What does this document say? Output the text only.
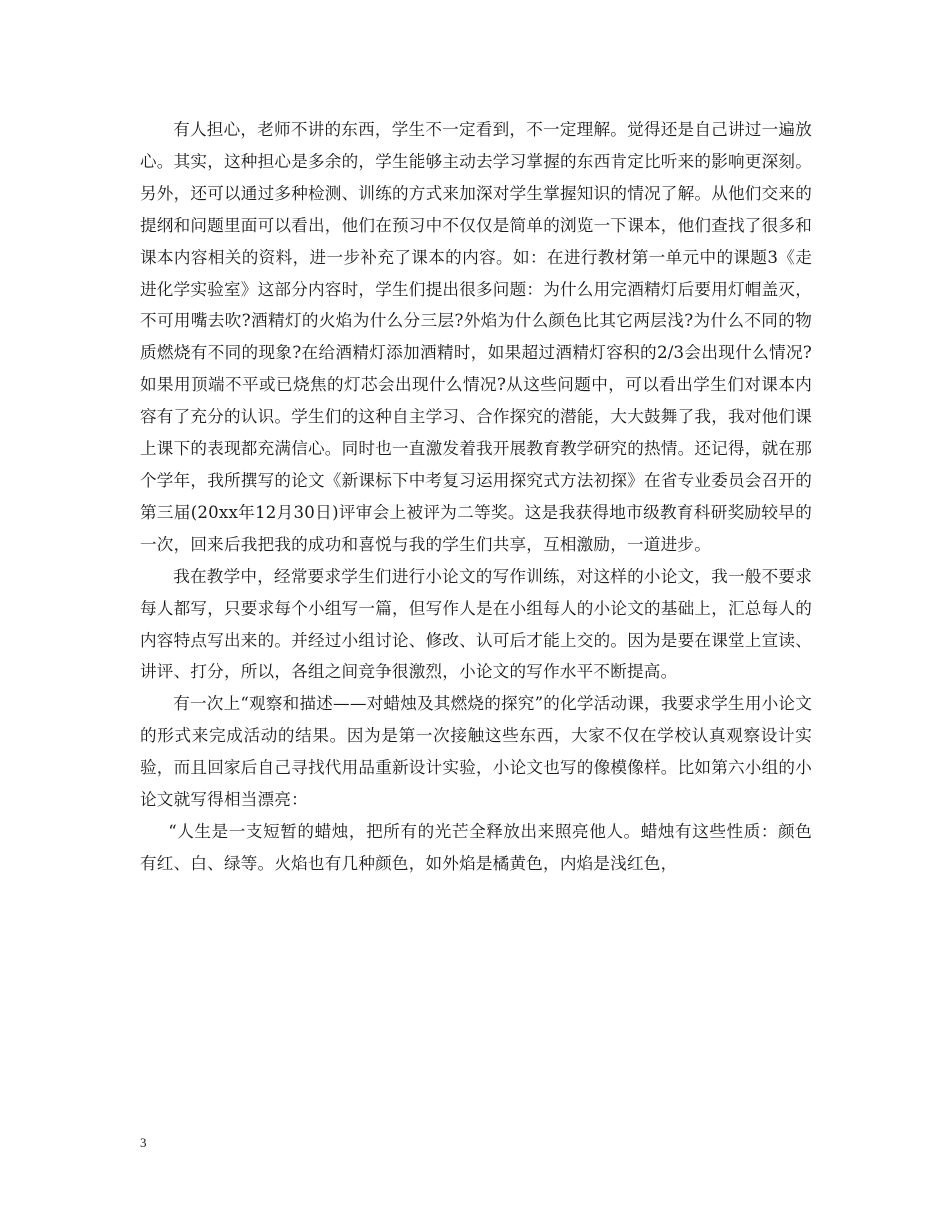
有人担心，老师不讲的东西，学生不一定看到，不一定理解。觉得还是自己讲过一遍放心。其实，这种担心是多余的，学生能够主动去学习掌握的东西肯定比听来的影响更深刻。另外，还可以通过多种检测、训练的方式来加深对学生掌握知识的情况了解。从他们交来的提纲和问题里面可以看出，他们在预习中不仅仅是简单的浏览一下课本，他们查找了很多和课本内容相关的资料，进一步补充了课本的内容。如：在进行教材第一单元中的课题3《走进化学实验室》这部分内容时，学生们提出很多问题：为什么用完酒精灯后要用灯帽盖灭，不可用嘴去吹?酒精灯的火焰为什么分三层?外焰为什么颜色比其它两层浅?为什么不同的物质燃烧有不同的现象?在给酒精灯添加酒精时，如果超过酒精灯容积的2/3会出现什么情况?如果用顶端不平或已烧焦的灯芯会出现什么情况?从这些问题中，可以看出学生们对课本内容有了充分的认识。学生们的这种自主学习、合作探究的潜能，大大鼓舞了我，我对他们课上课下的表现都充满信心。同时也一直激发着我开展教育教学研究的热情。还记得，就在那个学年，我所撰写的论文《新课标下中考复习运用探究式方法初探》在省专业委员会召开的第三届(20xx年12月30日)评审会上被评为二等奖。这是我获得地市级教育科研奖励较早的一次，回来后我把我的成功和喜悦与我的学生们共享，互相激励，一道进步。

我在教学中，经常要求学生们进行小论文的写作训练，对这样的小论文，我一般不要求每人都写，只要求每个小组写一篇，但写作人是在小组每人的小论文的基础上，汇总每人的内容特点写出来的。并经过小组讨论、修改、认可后才能上交的。因为是要在课堂上宣读、讲评、打分，所以，各组之间竞争很激烈，小论文的写作水平不断提高。

有一次上“观察和描述——对蜡烛及其燃烧的探究”的化学活动课，我要求学生用小论文的形式来完成活动的结果。因为是第一次接触这些东西，大家不仅在学校认真观察设计实验，而且回家后自己寻找代用品重新设计实验，小论文也写的像模像样。比如第六小组的小论文就写得相当漂亮：

“人生是一支短暂的蜡烛，把所有的光芒全释放出来照亮他人。蜡烛有这些性质：颜色有红、白、绿等。火焰也有几种颜色，如外焰是橘黄色，内焰是浅红色，

3
